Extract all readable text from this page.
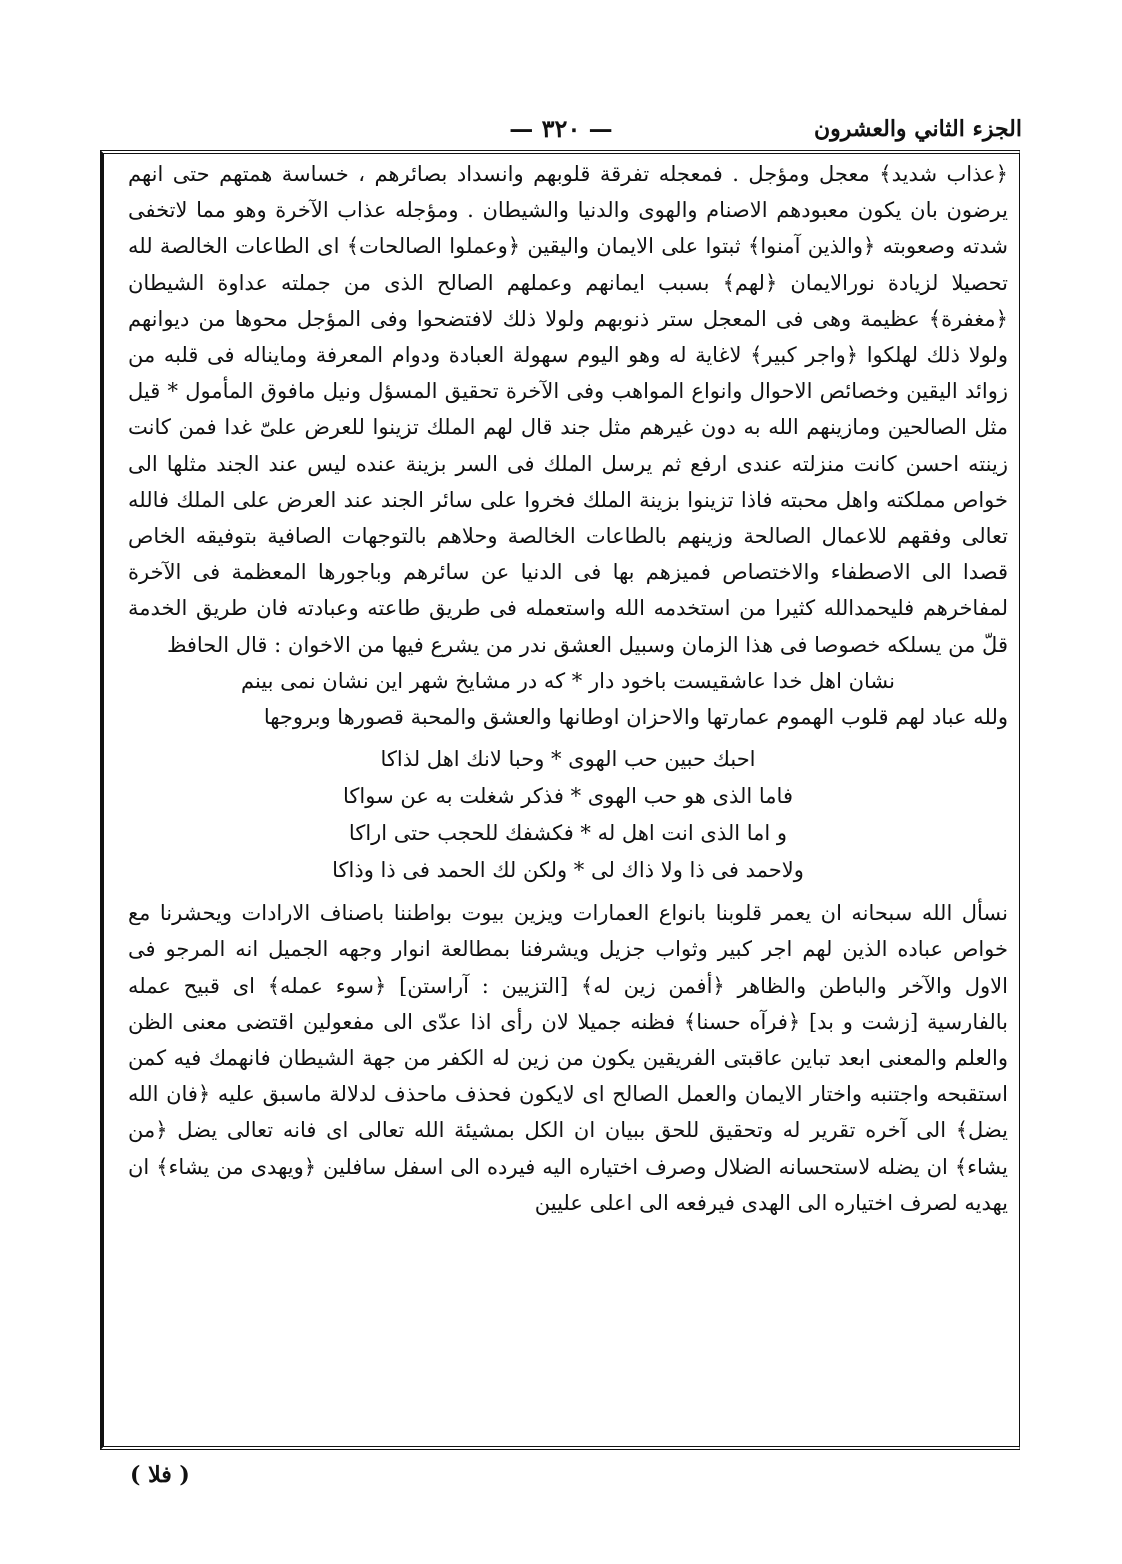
الجزء الثاني والعشرون
— ٣٢٠ —

﴿عذاب شديد﴾ معجل ومؤجل . فمعجله تفرقة قلوبهم وانسداد بصائرهم ، خساسة همتهم حتى انهم يرضون بان يكون معبودهم الاصنام والهوى والدنيا والشيطان . ومؤجله عذاب الآخرة وهو مما لاتخفى شدته وصعوبته ﴿والذين آمنوا﴾ ثبتوا على الايمان واليقين ﴿وعملوا الصالحات﴾ اى الطاعات الخالصة لله تحصيلا لزيادة نورالايمان ﴿لهم﴾ بسبب ايمانهم وعملهم الصالح الذى من جملته عداوة الشيطان ﴿مغفرة﴾ عظيمة وهى فى المعجل ستر ذنوبهم ولولا ذلك لافتضحوا وفى المؤجل محوها من ديوانهم ولولا ذلك لهلكوا ﴿واجر كبير﴾ لاغاية له وهو اليوم سهولة العبادة ودوام المعرفة ومايناله فى قلبه من زوائد اليقين وخصائص الاحوال وانواع المواهب وفى الآخرة تحقيق المسؤل ونيل مافوق المأمول * قيل مثل الصالحين ومازينهم الله به دون غيرهم مثل جند قال لهم الملك تزينوا للعرض علىّ غدا فمن كانت زينته احسن كانت منزلته عندى ارفع ثم يرسل الملك فى السر بزينة عنده ليس عند الجند مثلها الى خواص مملكته واهل محبته فاذا تزينوا بزينة الملك فخروا على سائر الجند عند العرض على الملك فالله تعالى وفقهم للاعمال الصالحة وزينهم بالطاعات الخالصة وحلاهم بالتوجهات الصافية بتوفيقه الخاص قصدا الى الاصطفاء والاختصاص فميزهم بها فى الدنيا عن سائرهم وباجورها المعظمة فى الآخرة لمفاخرهم فليحمدالله كثيرا من استخدمه الله واستعمله فى طريق طاعته وعبادته فان طريق الخدمة قلّ من يسلكه خصوصا فى هذا الزمان وسبيل العشق ندر من يشرع فيها من الاخوان : قال الحافظ

نشان اهل خدا عاشقيست باخود دار * كه در مشايخ شهر اين نشان نمى بينم

ولله عباد لهم قلوب الهموم عمارتها والاحزان اوطانها والعشق والمحبة قصورها وبروجها

احبك حبين حب الهوى * وحبا لانك اهل لذاكا
فاما الذى هو حب الهوى * فذكر شغلت به عن سواكا
و اما الذى انت اهل له * فكشفك للحجب حتى اراكا
ولاحمد فى ذا ولا ذاك لى * ولكن لك الحمد فى ذا وذاكا

نسأل الله سبحانه ان يعمر قلوبنا بانواع العمارات ويزين بيوت بواطننا باصناف الارادات ويحشرنا مع خواص عباده الذين لهم اجر كبير وثواب جزيل ويشرفنا بمطالعة انوار وجهه الجميل انه المرجو فى الاول والآخر والباطن والظاهر ﴿أفمن زين له﴾ [التزيين : آراستن] ﴿سوء عمله﴾ اى قبيح عمله بالفارسية [زشت و بد] ﴿فرآه حسنا﴾ فظنه جميلا لان رأى اذا عدّى الى مفعولين اقتضى معنى الظن والعلم والمعنى ابعد تباين عاقبتى الفريقين يكون من زين له الكفر من جهة الشيطان فانهمك فيه كمن استقبحه واجتنبه واختار الايمان والعمل الصالح اى لايكون فحذف ماحذف لدلالة ماسبق عليه ﴿فان الله يضل﴾ الى آخره تقرير له وتحقيق للحق ببيان ان الكل بمشيئة الله تعالى اى فانه تعالى يضل ﴿من يشاء﴾ ان يضله لاستحسانه الضلال وصرف اختياره اليه فيرده الى اسفل سافلين ﴿ويهدى من يشاء﴾ ان يهديه لصرف اختياره الى الهدى فيرفعه الى اعلى عليين

( فلا )
